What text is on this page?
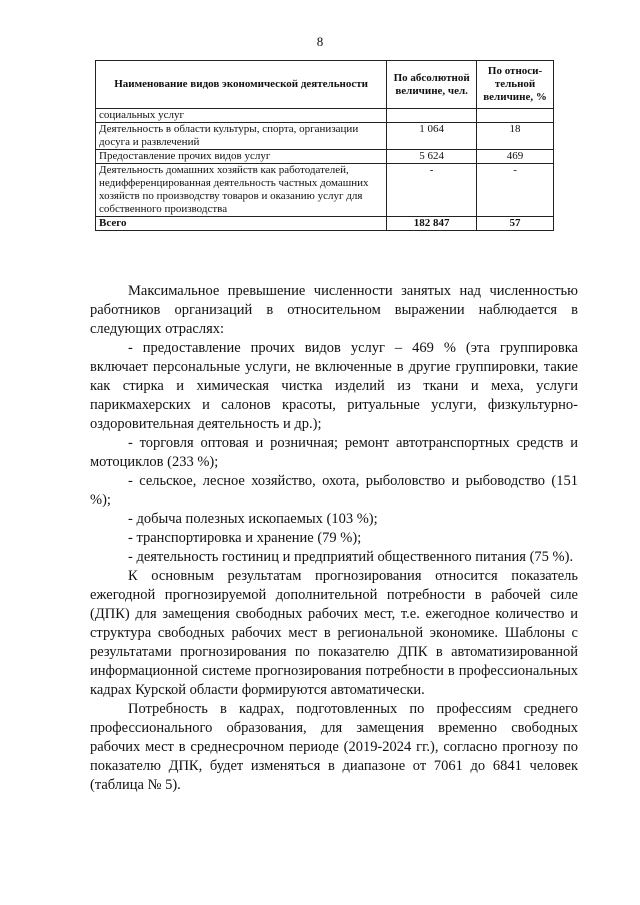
8
Наименование видов экономической деятельности	По абсолютной величине, чел.	По относи-тельной величине, %
социальных услуг		
Деятельность в области культуры, спорта, организации досуга и развлечений	1 064	18
Предоставление прочих видов услуг	5 624	469
Деятельность домашних хозяйств как работодателей, недифференцированная деятельность частных домашних хозяйств по производству товаров и оказанию услуг для собственного производства	-	-
Всего	182 847	57

Максимальное превышение численности занятых над численностью работников организаций в относительном выражении наблюдается в следующих отраслях:

- предоставление прочих видов услуг – 469 % (эта группировка включает персональные услуги, не включенные в другие группировки, такие как стирка и химическая чистка изделий из ткани и меха, услуги парикмахерских и салонов красоты, ритуальные услуги, физкультурно-оздоровительная деятельность и др.);

- торговля оптовая и розничная; ремонт автотранспортных средств и мотоциклов (233 %);

- сельское, лесное хозяйство, охота, рыболовство и рыбоводство (151 %);

- добыча полезных ископаемых (103 %);

- транспортировка и хранение (79 %);

- деятельность гостиниц и предприятий общественного питания (75 %).

К основным результатам прогнозирования относится показатель ежегодной прогнозируемой дополнительной потребности в рабочей силе (ДПК) для замещения свободных рабочих мест, т.е. ежегодное количество и структура свободных рабочих мест в региональной экономике. Шаблоны с результатами прогнозирования по показателю ДПК в автоматизированной информационной системе прогнозирования потребности в профессиональных кадрах Курской области формируются автоматически.

Потребность в кадрах, подготовленных по профессиям среднего профессионального образования, для замещения временно свободных рабочих мест в среднесрочном периоде (2019-2024 гг.), согласно прогнозу по показателю ДПК, будет изменяться в диапазоне от 7061 до 6841 человек (таблица № 5).
